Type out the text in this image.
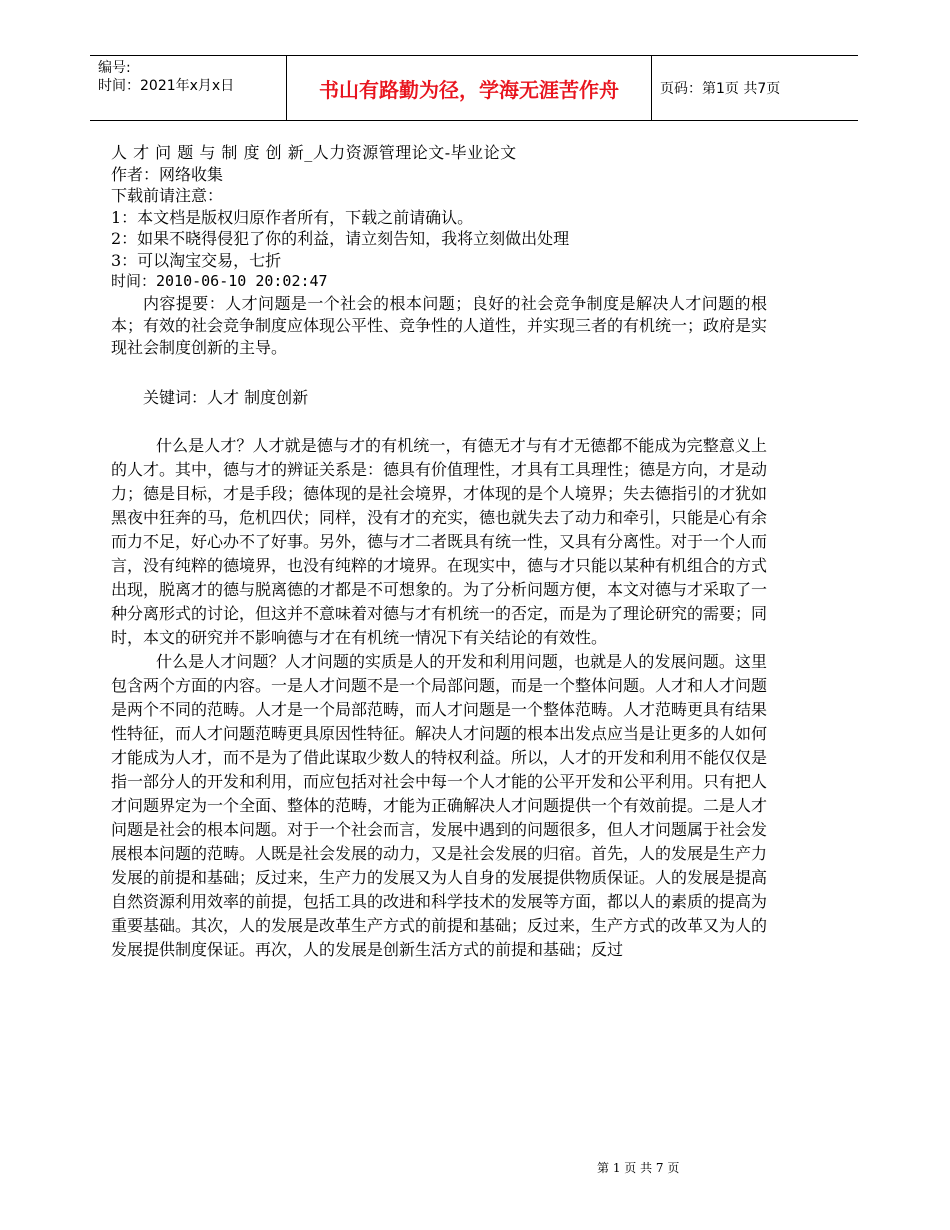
编号:
时间：2021年x月x日	书山有路勤为径，学海无涯苦作舟	页码：第1页 共7页
人 才 问 题 与 制 度 创 新_人力资源管理论文-毕业论文
作者：网络收集
下载前请注意：
1：本文档是版权归原作者所有，下载之前请确认。
2：如果不晓得侵犯了你的利益，请立刻告知，我将立刻做出处理
3：可以淘宝交易，七折
时间：2010-06-10 20:02:47

内容提要：人才问题是一个社会的根本问题；良好的社会竞争制度是解决人才问题的根本；有效的社会竞争制度应体现公平性、竞争性的人道性，并实现三者的有机统一；政府是实现社会制度创新的主导。

关键词：人才 制度创新

什么是人才？人才就是德与才的有机统一，有德无才与有才无德都不能成为完整意义上的人才。其中，德与才的辨证关系是：德具有价值理性，才具有工具理性；德是方向，才是动力；德是目标，才是手段；德体现的是社会境界，才体现的是个人境界；失去德指引的才犹如黑夜中狂奔的马，危机四伏；同样，没有才的充实，德也就失去了动力和牵引，只能是心有余而力不足，好心办不了好事。另外，德与才二者既具有统一性，又具有分离性。对于一个人而言，没有纯粹的德境界，也没有纯粹的才境界。在现实中，德与才只能以某种有机组合的方式出现，脱离才的德与脱离德的才都是不可想象的。为了分析问题方便，本文对德与才采取了一种分离形式的讨论，但这并不意味着对德与才有机统一的否定，而是为了理论研究的需要；同时，本文的研究并不影响德与才在有机统一情况下有关结论的有效性。

什么是人才问题？人才问题的实质是人的开发和利用问题，也就是人的发展问题。这里包含两个方面的内容。一是人才问题不是一个局部问题，而是一个整体问题。人才和人才问题是两个不同的范畴。人才是一个局部范畴，而人才问题是一个整体范畴。人才范畴更具有结果性特征，而人才问题范畴更具原因性特征。解决人才问题的根本出发点应当是让更多的人如何才能成为人才，而不是为了借此谋取少数人的特权利益。所以，人才的开发和利用不能仅仅是指一部分人的开发和利用，而应包括对社会中每一个人才能的公平开发和公平利用。只有把人才问题界定为一个全面、整体的范畴，才能为正确解决人才问题提供一个有效前提。二是人才问题是社会的根本问题。对于一个社会而言，发展中遇到的问题很多，但人才问题属于社会发展根本问题的范畴。人既是社会发展的动力，又是社会发展的归宿。首先，人的发展是生产力发展的前提和基础；反过来，生产力的发展又为人自身的发展提供物质保证。人的发展是提高自然资源利用效率的前提，包括工具的改进和科学技术的发展等方面，都以人的素质的提高为重要基础。其次，人的发展是改革生产方式的前提和基础；反过来，生产方式的改革又为人的发展提供制度保证。再次，人的发展是创新生活方式的前提和基础；反过

第 1 页 共 7 页
